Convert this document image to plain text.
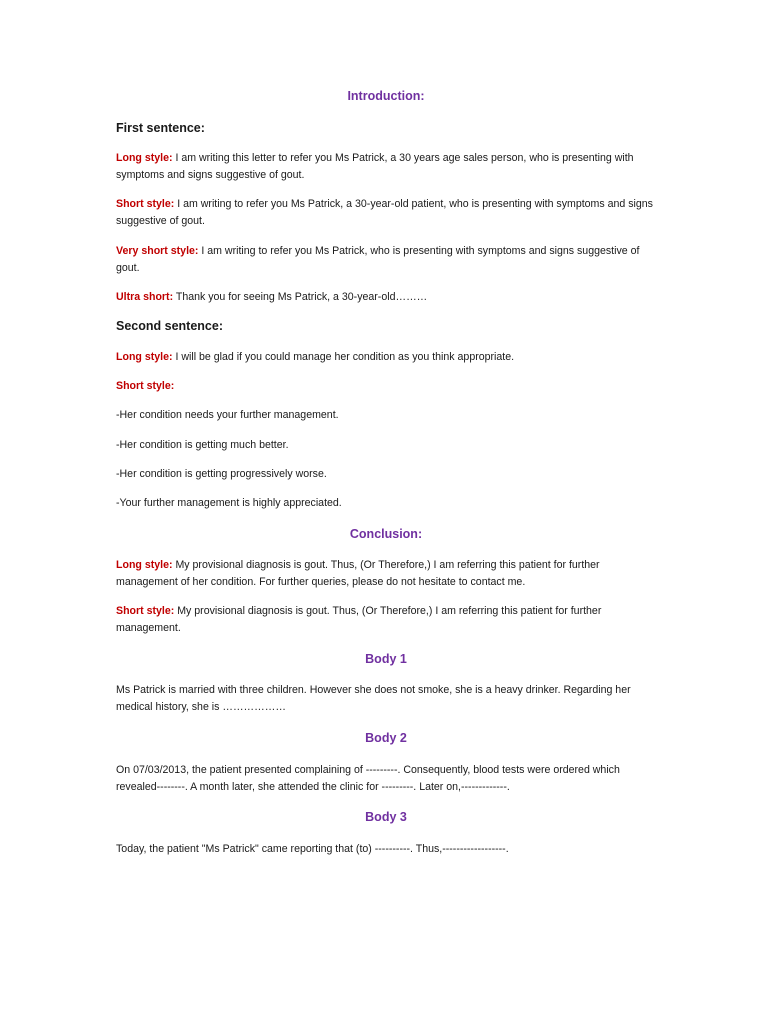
Introduction:
First sentence:
Long style: I am writing this letter to refer you Ms Patrick, a 30 years age sales person, who is presenting with symptoms and signs suggestive of gout.
Short style: I am writing to refer you Ms Patrick, a 30-year-old patient, who is presenting with symptoms and signs suggestive of gout.
Very short style: I am writing to refer you Ms Patrick, who is presenting with symptoms and signs suggestive of gout.
Ultra short: Thank you for seeing Ms Patrick, a 30-year-old………
Second sentence:
Long style: I will be glad if you could manage her condition as you think appropriate.
Short style:
-Her condition needs your further management.
-Her condition is getting much better.
-Her condition is getting progressively worse.
-Your further management is highly appreciated.
Conclusion:
Long style: My provisional diagnosis is gout. Thus, (Or Therefore,) I am referring this patient for further management of her condition. For further queries, please do not hesitate to contact me.
Short style: My provisional diagnosis is gout. Thus, (Or Therefore,) I am referring this patient for further management.
Body 1
Ms Patrick is married with three children. However she does not smoke, she is a heavy drinker. Regarding her medical history, she is ………………
Body 2
On 07/03/2013, the patient presented complaining of ---------. Consequently, blood tests were ordered which revealed--------. A month later, she attended the clinic for ---------. Later on,-------------.
Body 3
Today, the patient "Ms Patrick" came reporting that (to) ----------. Thus,------------------.
